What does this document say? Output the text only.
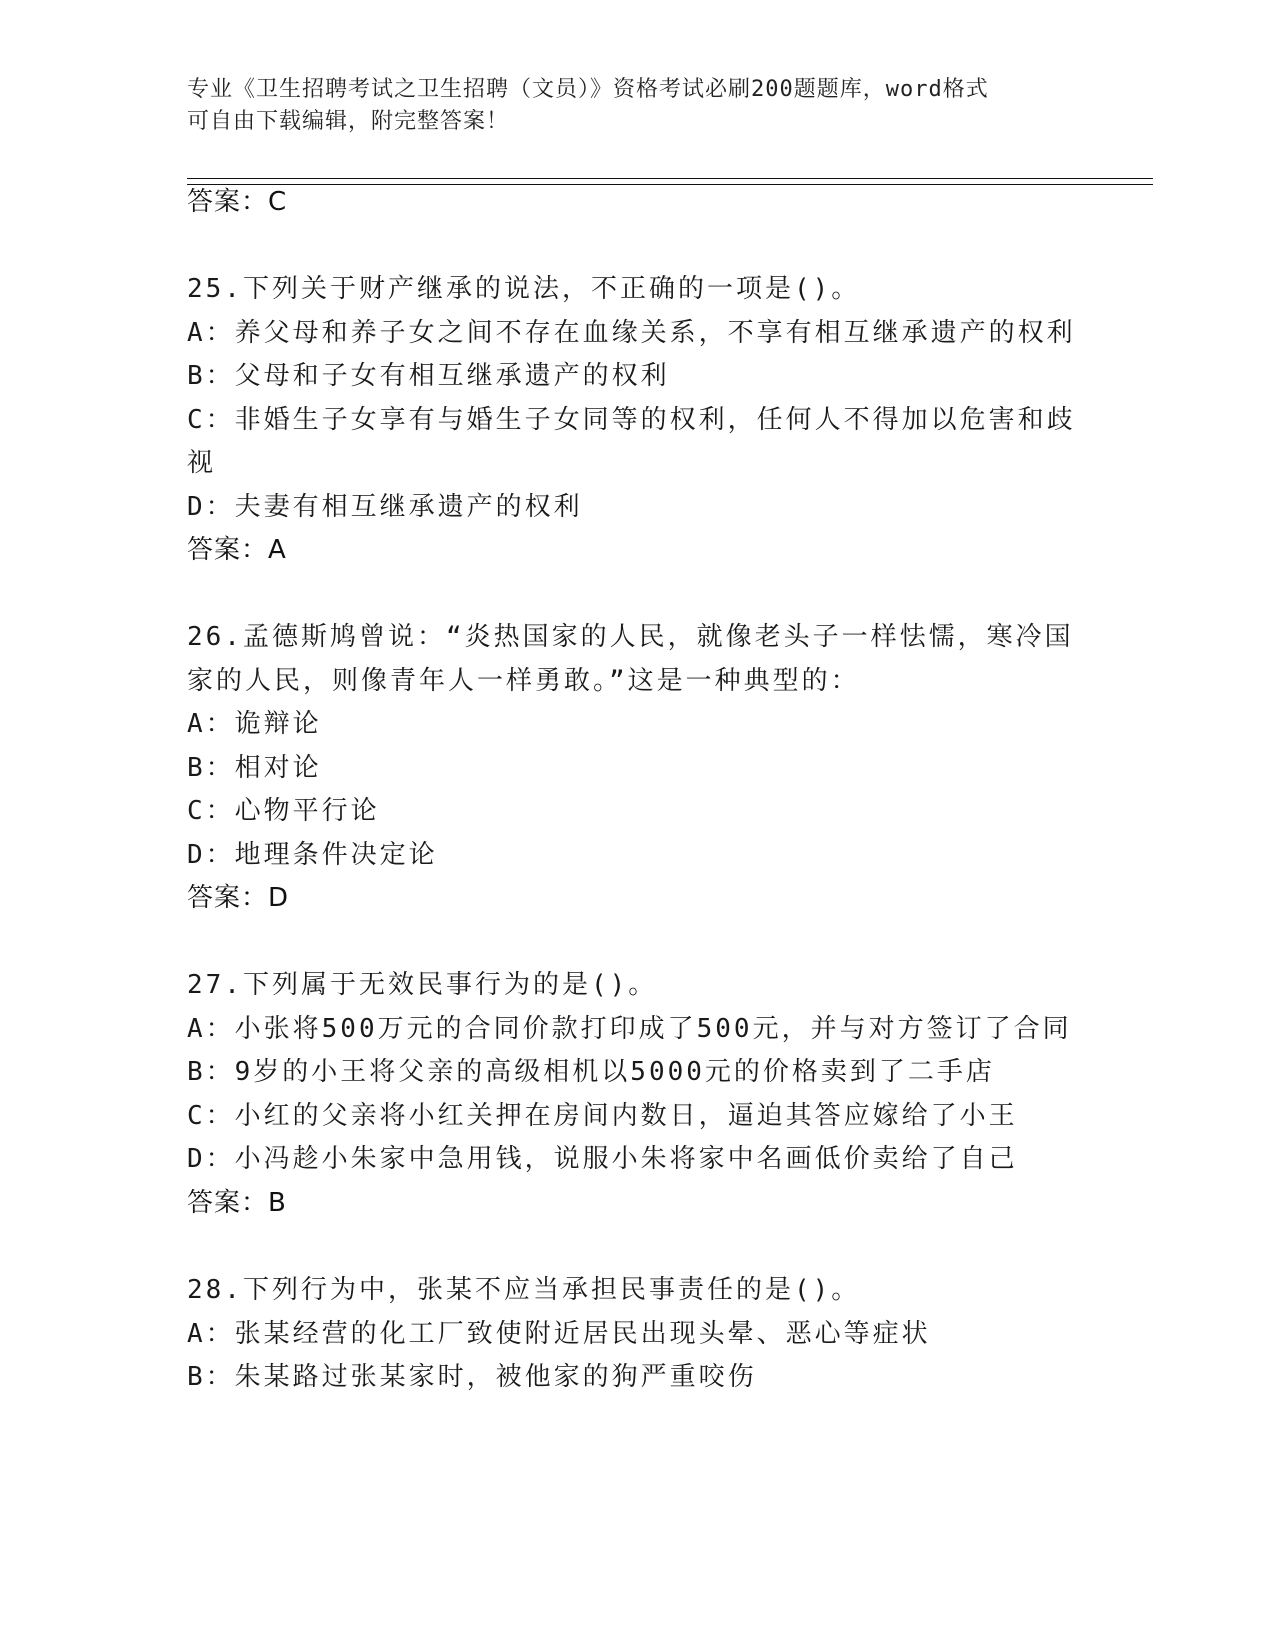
专业《卫生招聘考试之卫生招聘（文员）》资格考试必刷200题题库，word格式
可自由下载编辑，附完整答案！
答案：C
25.下列关于财产继承的说法，不正确的一项是()。
A：养父母和养子女之间不存在血缘关系，不享有相互继承遗产的权利
B：父母和子女有相互继承遗产的权利
C：非婚生子女享有与婚生子女同等的权利，任何人不得加以危害和歧
视
D：夫妻有相互继承遗产的权利
答案：A
26.孟德斯鸠曾说：“炎热国家的人民，就像老头子一样怯懦，寒冷国
家的人民，则像青年人一样勇敢。”这是一种典型的：
A：诡辩论
B：相对论
C：心物平行论
D：地理条件决定论
答案：D
27.下列属于无效民事行为的是()。
A：小张将500万元的合同价款打印成了500元，并与对方签订了合同
B：9岁的小王将父亲的高级相机以5000元的价格卖到了二手店
C：小红的父亲将小红关押在房间内数日，逼迫其答应嫁给了小王
D：小冯趁小朱家中急用钱，说服小朱将家中名画低价卖给了自己
答案：B
28.下列行为中，张某不应当承担民事责任的是()。
A：张某经营的化工厂致使附近居民出现头晕、恶心等症状
B：朱某路过张某家时，被他家的狗严重咬伤
